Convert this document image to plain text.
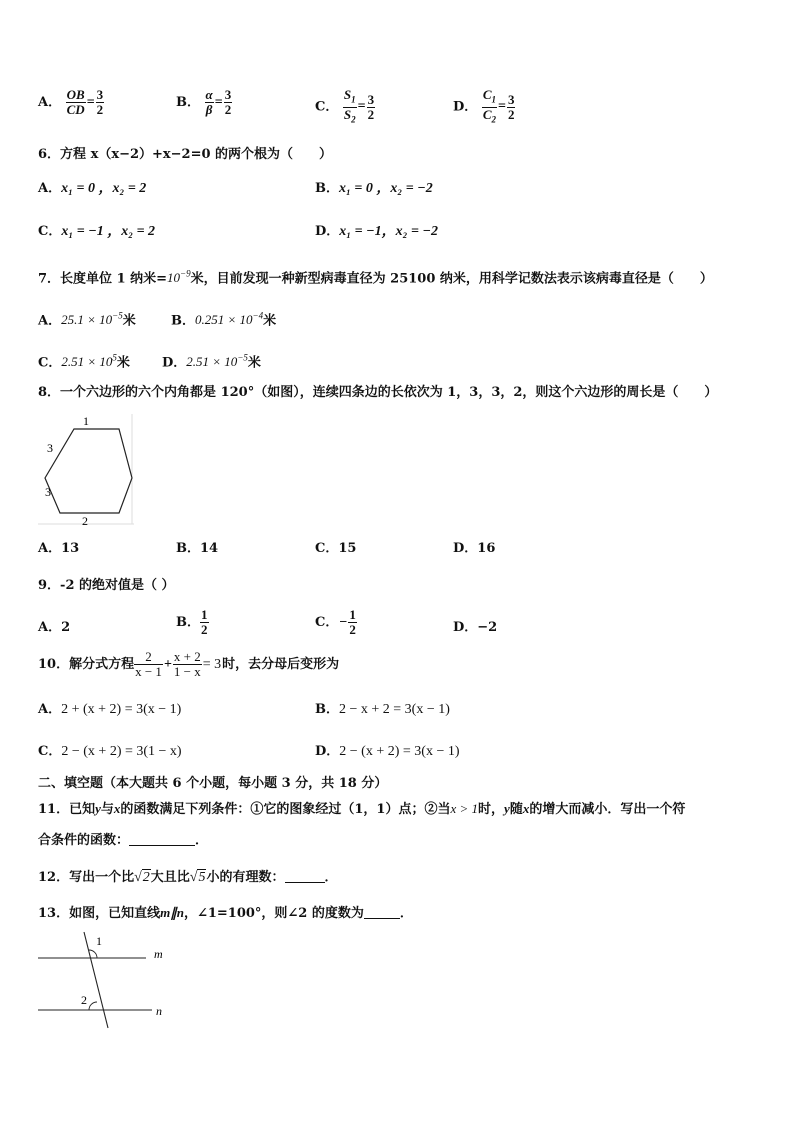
A． $\frac{OB}{CD} = \frac{3}{2}$	B． $\frac{\alpha}{\beta} = \frac{3}{2}$	C． $\frac{S_1}{S_2} = \frac{3}{2}$	D． $\frac{C_1}{C_2} = \frac{3}{2}$
6．方程 x（x−2）+x−2=0 的两个根为（　　）
A．x₁ = 0 ，x₂ = 2	B．x₁ = 0 ，x₂ = −2
C．x₁ = −1 ，x₂ = 2	D．x₁ = −1，x₂ = −2
7．长度单位 1 纳米$=10^{-9}$米，目前发现一种新型病毒直径为 25100 纳米，用科学记数法表示该病毒直径是（　　）
A．$25.1 \times 10^{-5}$米	B．$0.251 \times 10^{-4}$米
C．$2.51 \times 10^5$米 D．$2.51 \times 10^{-5}$米
8．一个六边形的六个内角都是 120°（如图），连续四条边的长依次为 1，3，3，2，则这个六边形的周长是（　　）
1
3
3
2
A．13	B．14	C．15	D．16
9．-2 的绝对值是（ ）
A．2	B． $\frac{1}{2}$	C．− $\frac{1}{2}$	D．−2
10．解分式方程 $\frac{2}{x - 1} + \frac{x + 2}{1 - x} = 3$时，去分母后变形为
A．2 + (x + 2) = 3(x − 1)	B．2 − x + 2 = 3(x − 1)
C．2 − (x + 2) = 3(1 − x)	D．2 − (x + 2) = 3(x − 1)
二、填空题（本大题共 6 个小题，每小题 3 分，共 18 分）
11．已知y与x的函数满足下列条件：①它的图象经过（1，1）点；②当x > 1时，y随x的增大而减小．写出一个符
合条件的函数：	．
12．写出一个比√2大且比√5小的有理数：	．
13．如图，已知直线m∥n，∠1=100°，则∠2 的度数为	．
1
2
m
n
